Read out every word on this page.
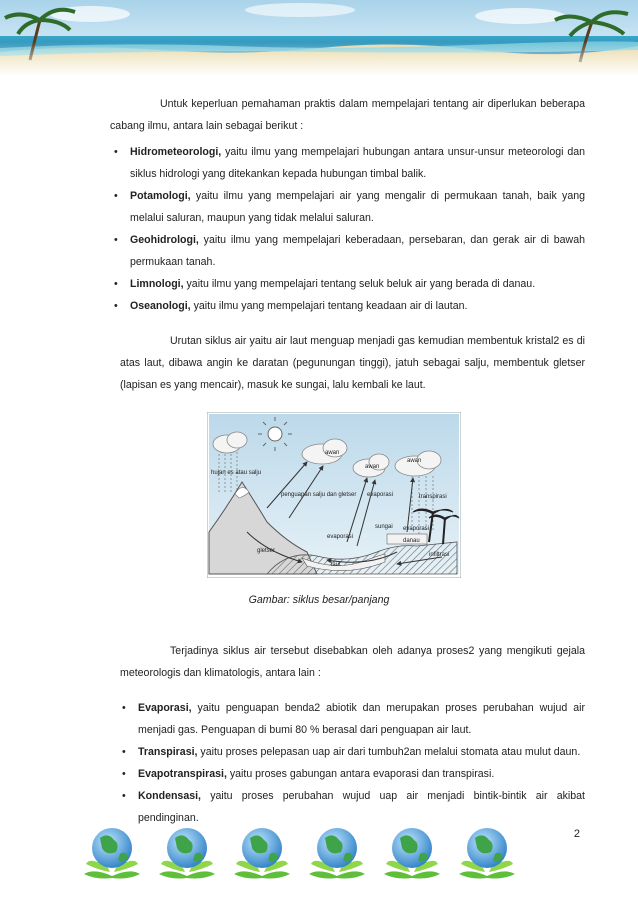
Untuk keperluan pemahaman praktis dalam mempelajari tentang air diperlukan beberapa cabang ilmu, antara lain sebagai berikut :

• Hidrometeorologi, yaitu ilmu yang mempelajari hubungan antara unsur-unsur meteorologi dan siklus hidrologi yang ditekankan kepada hubungan timbal balik.
• Potamologi, yaitu ilmu yang mempelajari air yang mengalir di permukaan tanah, baik yang melalui saluran, maupun yang tidak melalui saluran.
• Geohidrologi, yaitu ilmu yang mempelajari keberadaan, persebaran, dan gerak air di bawah permukaan tanah.
• Limnologi, yaitu ilmu yang mempelajari tentang seluk beluk air yang berada di danau.
• Oseanologi, yaitu ilmu yang mempelajari tentang keadaan air di lautan.

Urutan siklus air yaitu air laut menguap menjadi gas kemudian membentuk kristal2 es di atas laut, dibawa angin ke daratan (pegunungan tinggi), jatuh sebagai salju, membentuk gletser (lapisan es yang mencair), masuk ke sungai, lalu kembali ke laut.

hujan es atau salju
awan
awan
awan
penguapan salju dan gletser evaporasi
evaporasi
evaporasi
transpirasi
sungai
danau
gletser
laut
infiltrasi

Gambar: siklus besar/panjang

Terjadinya siklus air tersebut disebabkan oleh adanya proses2 yang mengikuti gejala meteorologis dan klimatologis, antara lain :

• Evaporasi, yaitu penguapan benda2 abiotik dan merupakan proses perubahan wujud air menjadi gas. Penguapan di bumi 80 % berasal dari penguapan air laut.
• Transpirasi, yaitu proses pelepasan uap air dari tumbuh2an melalui stomata atau mulut daun.
• Evapotranspirasi, yaitu proses gabungan antara evaporasi dan transpirasi.
• Kondensasi, yaitu proses perubahan wujud uap air menjadi bintik-bintik air akibat pendinginan.
2
